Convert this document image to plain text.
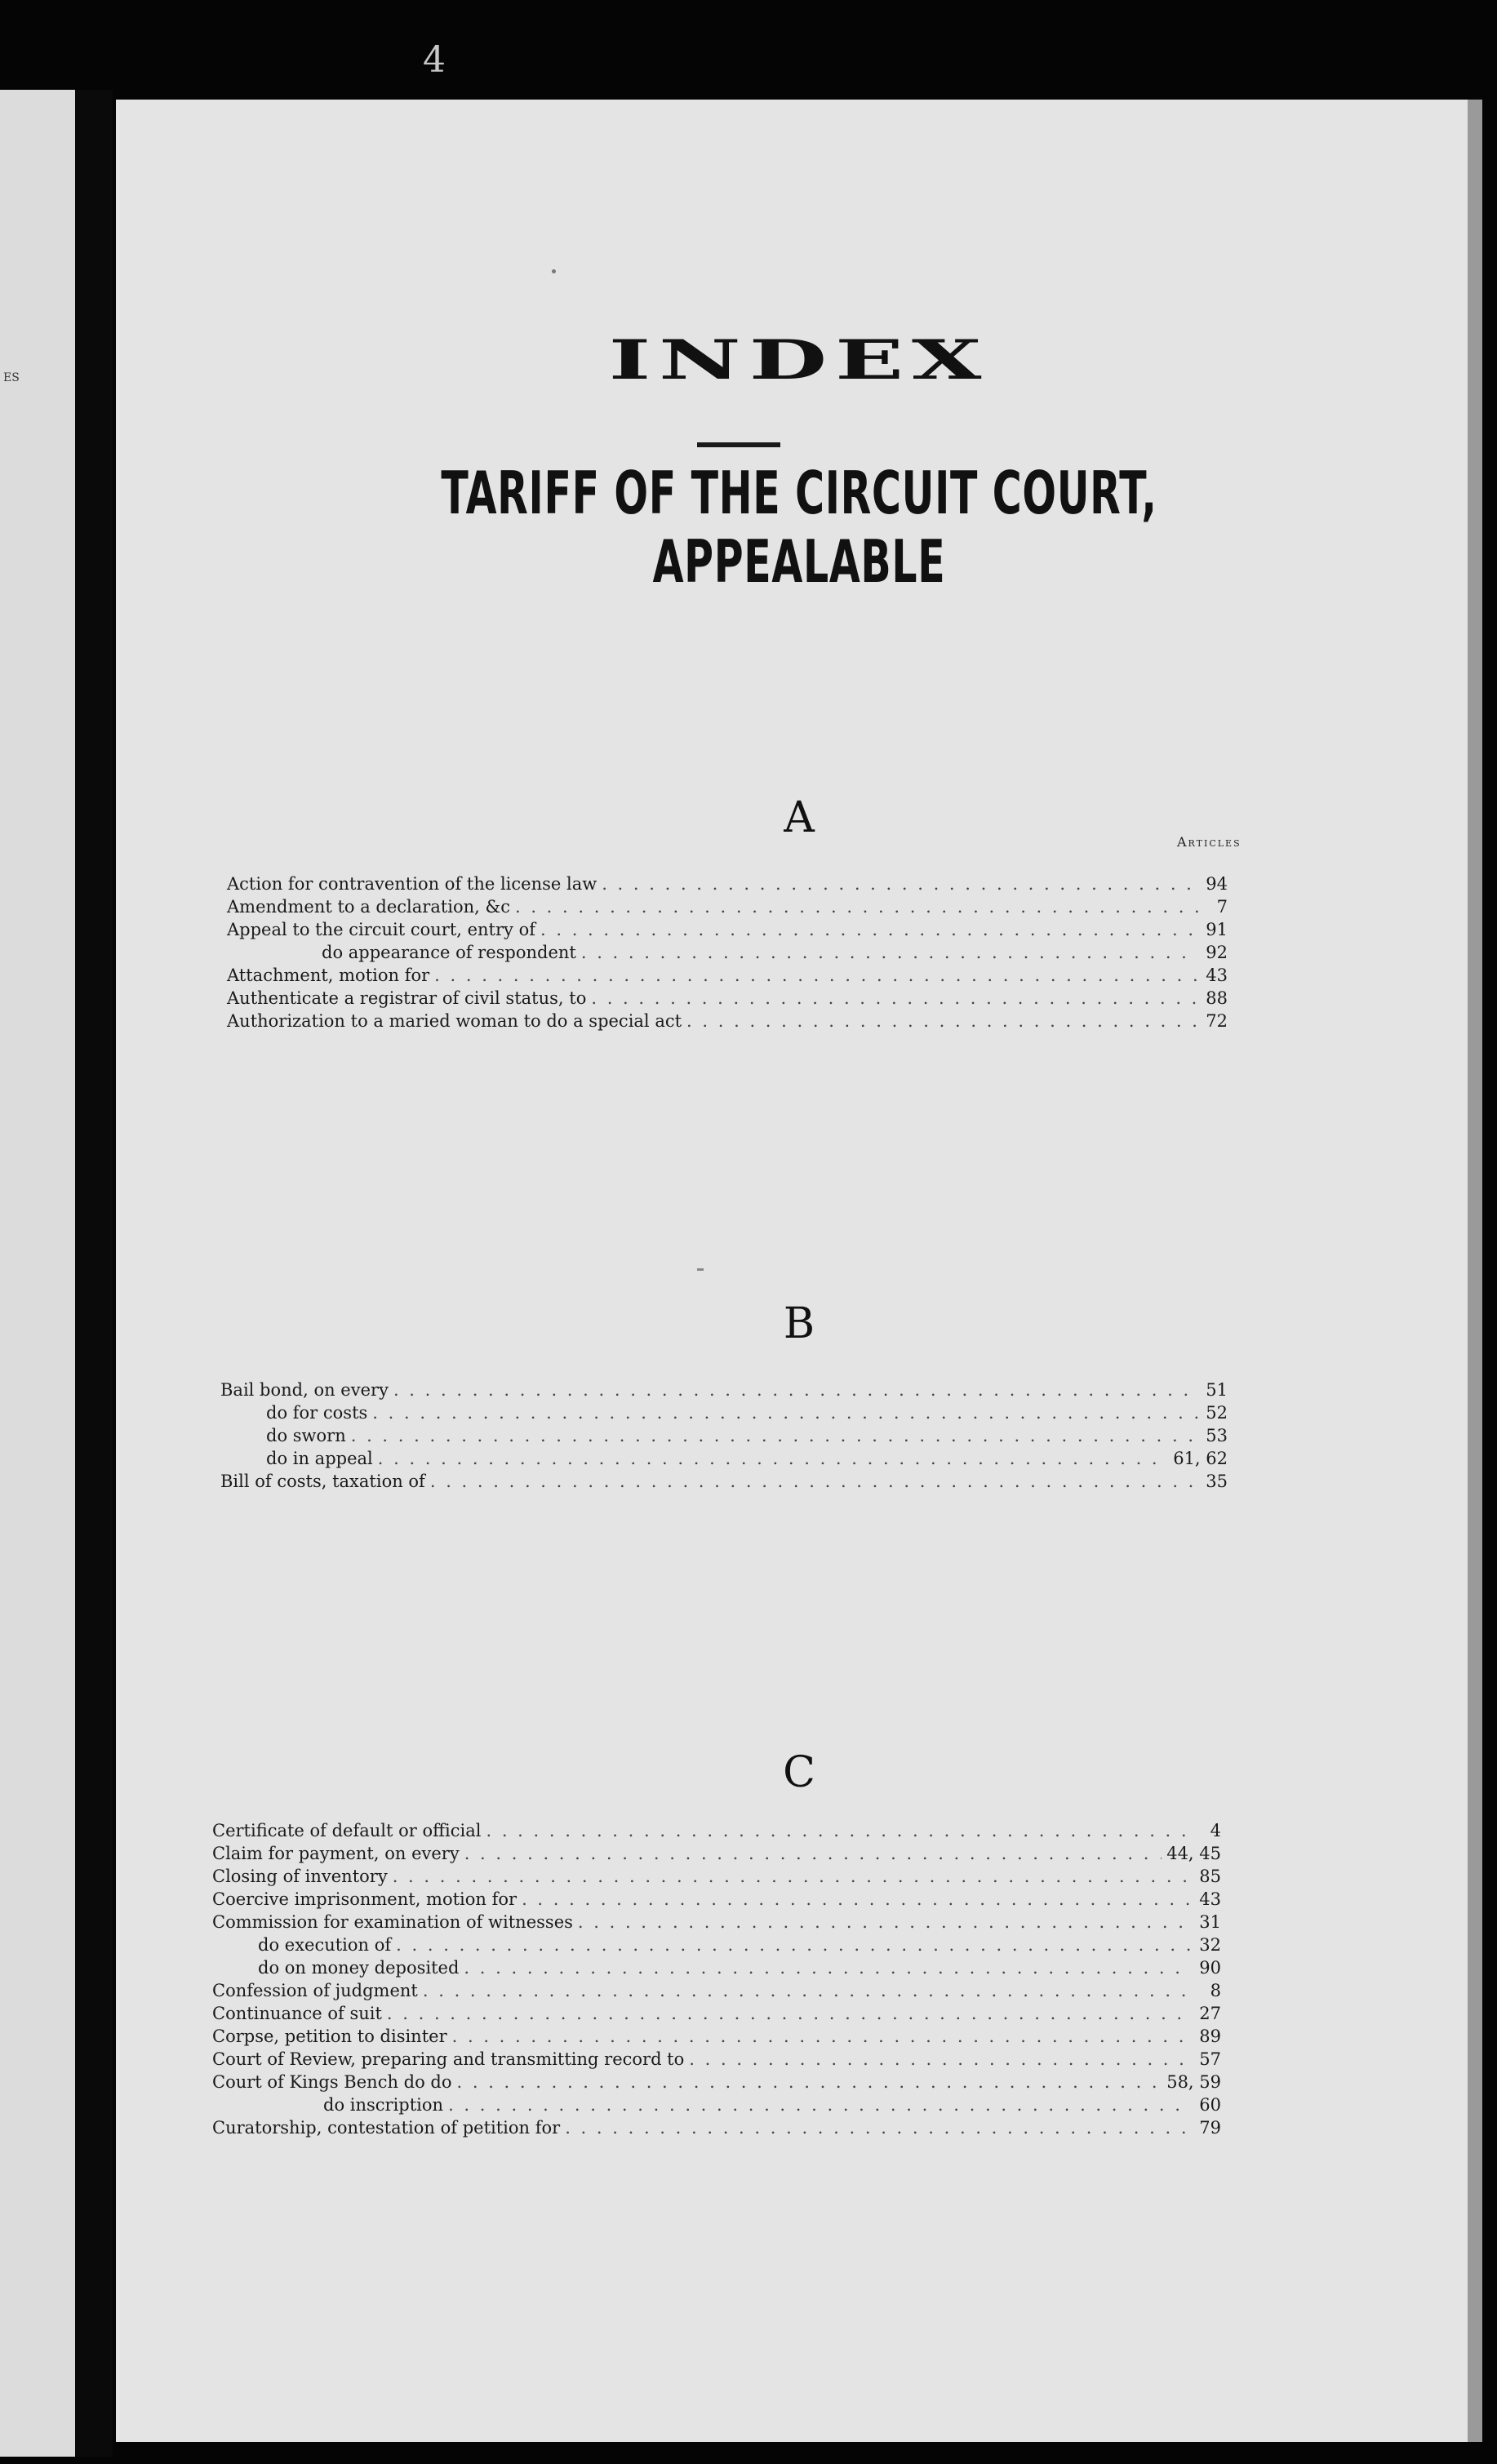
ES
4
INDEX
TARIFF OF THE CIRCUIT COURT, APPEALABLE
Articles
A
Action for contravention of the license law . . .	94
Amendment to a declaration, &c . . .	7
Appeal to the circuit court, entry of . . .	91
do appearance of respondent . . .	92
Attachment, motion for . . .	43
Authenticate a registrar of civil status, to . . .	88
Authorization to a maried woman to do a special act . . .	72
B
Bail bond, on every . . .	51
do for costs . . .	52
do sworn . . .	53
do in appeal . . .	61, 62
Bill of costs, taxation of . . .	35
C
Certificate of default or official . . .	4
Claim for payment, on every . . .	44, 45
Closing of inventory . . .	85
Coercive imprisonment, motion for . . .	43
Commission for examination of witnesses . . .	31
do execution of . . .	32
do on money deposited . . .	90
Confession of judgment . . .	8
Continuance of suit . . .	27
Corpse, petition to disinter . . .	89
Court of Review, preparing and transmitting record to . . .	57
Court of Kings Bench do do . . .	58, 59
do inscription . . .	60
Curatorship, contestation of petition for . . .	79
